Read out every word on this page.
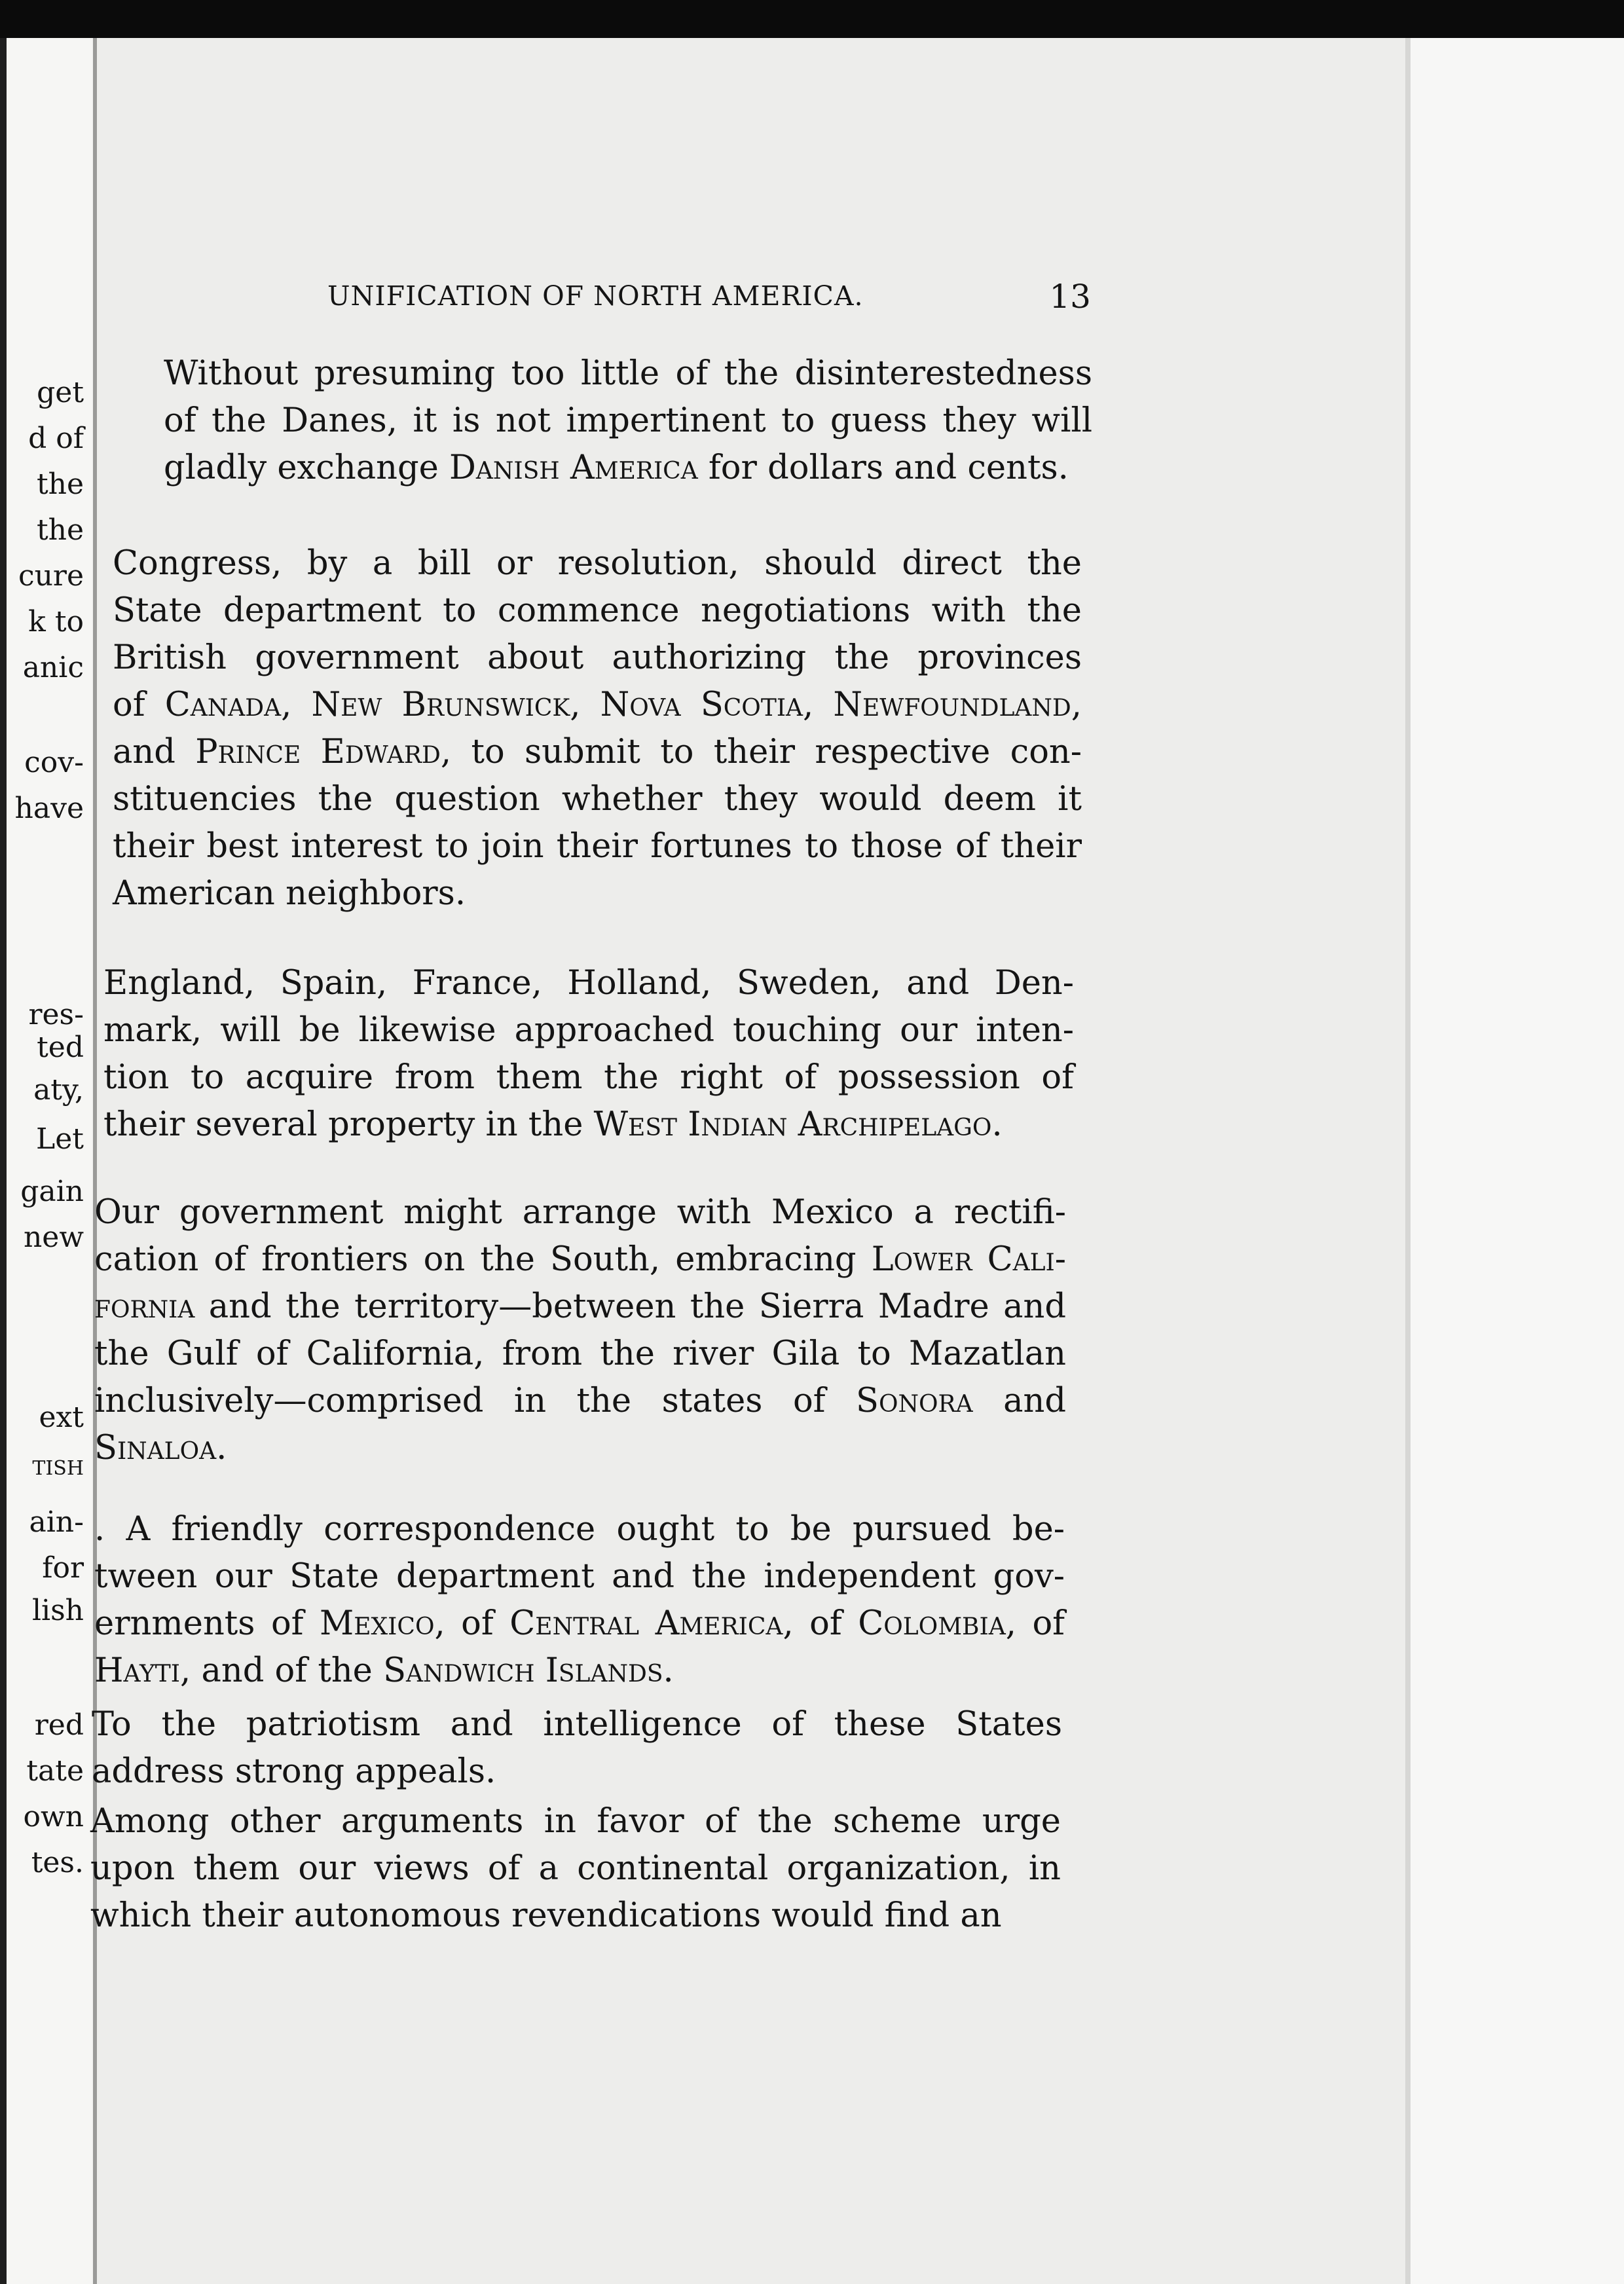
get
d of
the
the
cure
k to
anic
cov-
have
res-
ted
aty,
Let
gain
new
ext
TISH
ain-
for
lish
red
tate
own
tes.
UNIFICATION OF NORTH AMERICA.	13
Without presuming too little of the disinterestedness
of the Danes, it is not impertinent to guess they will
gladly exchange Danish America for dollars and cents.
Congress, by a bill or resolution, should direct the
State department to commence negotiations with the
British government about authorizing the provinces
of Canada, New Brunswick, Nova Scotia, Newfoundland,
and Prince Edward, to submit to their respective con-
stituencies the question whether they would deem it
their best interest to join their fortunes to those of their
American neighbors.
England, Spain, France, Holland, Sweden, and Den-
mark, will be likewise approached touching our inten-
tion to acquire from them the right of possession of
their several property in the West Indian Archipelago.
Our government might arrange with Mexico a rectifi-
cation of frontiers on the South, embracing Lower Cali-
fornia and the territory—between the Sierra Madre and
the Gulf of California, from the river Gila to Mazatlan
inclusively—comprised in the states of Sonora and
Sinaloa.
. A friendly correspondence ought to be pursued be-
tween our State department and the independent gov-
ernments of Mexico, of Central America, of Colombia, of
Hayti, and of the Sandwich Islands.
To the patriotism and intelligence of these States
address strong appeals.
Among other arguments in favor of the scheme urge
upon them our views of a continental organization, in
which their autonomous revendications would find an
